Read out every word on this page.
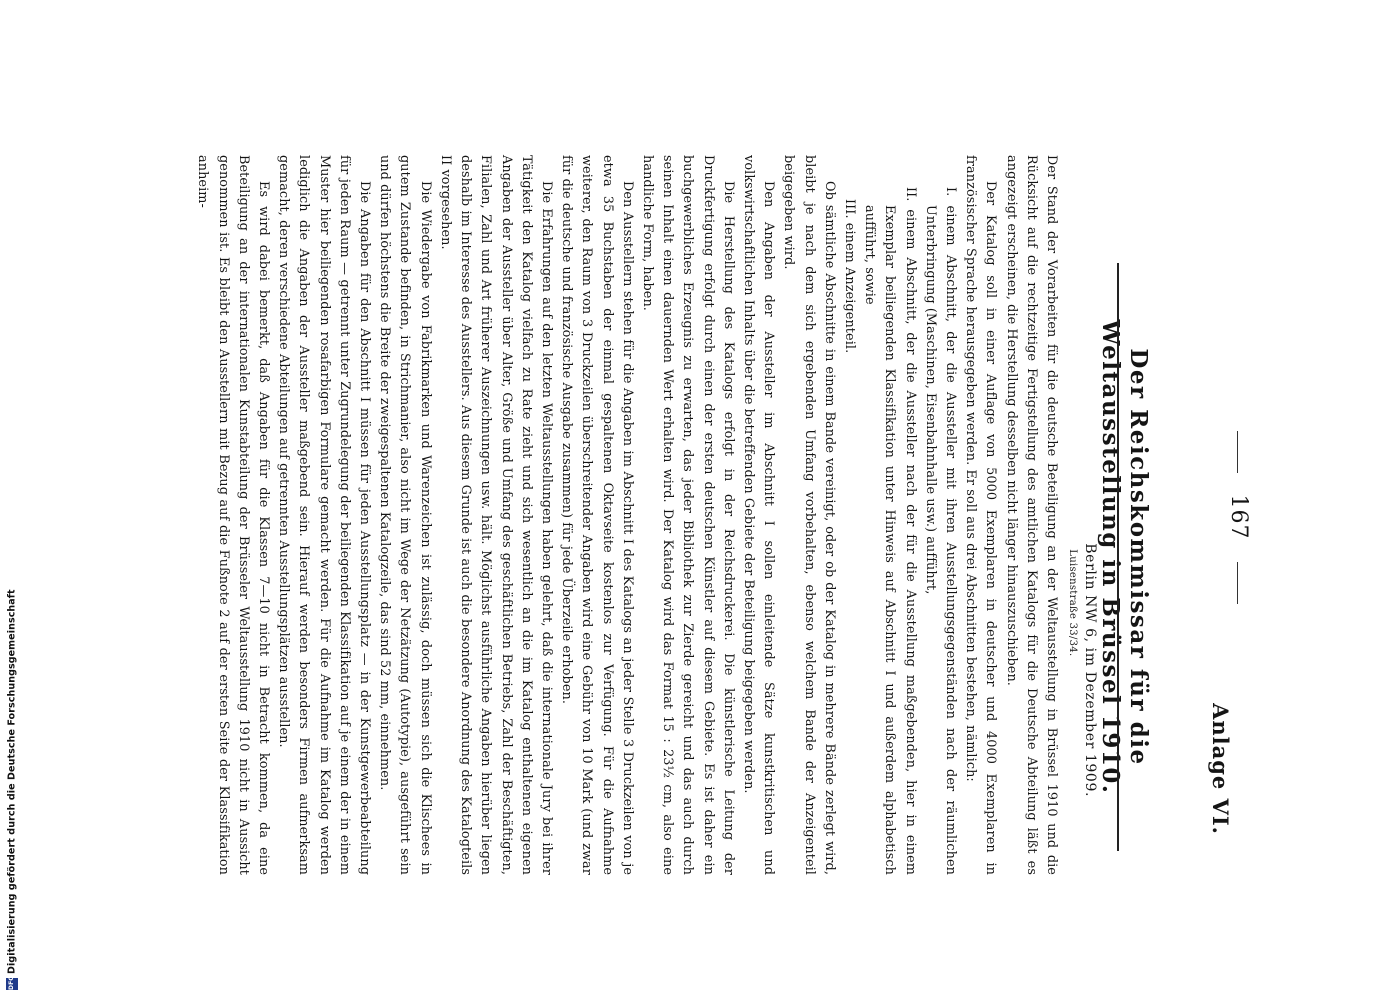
167
Anlage VI.
Der Reichskommissar für die Weltausstellung in Brüssel 1910.
Berlin NW 6, im Dezember 1909.
Luisenstraße 33/34.

Der Stand der Vorarbeiten für die deutsche Beteiligung an der Weltausstellung in Brüssel 1910 und die Rücksicht auf die rechtzeitige Fertigstellung des amtlichen Katalogs für die Deutsche Abteilung läßt es angezeigt erscheinen, die Herstellung desselben nicht länger hinauszuschieben.

Der Katalog soll in einer Auflage von 5000 Exemplaren in deutscher und 4000 Exemplaren in französischer Sprache herausgegeben werden. Er soll aus drei Abschnitten bestehen, nämlich:

I. einem Abschnitt, der die Aussteller mit ihren Ausstellungsgegenständen nach der räumlichen Unterbringung (Maschinen, Eisenbahnhalle usw.) aufführt,

II. einem Abschnitt, der die Aussteller nach der für die Ausstellung maßgebenden, hier in einem Exemplar beiliegenden Klassifikation unter Hinweis auf Abschnitt I und außerdem alphabetisch aufführt, sowie

III. einem Anzeigenteil.

Ob sämtliche Abschnitte in einem Bande vereinigt, oder ob der Katalog in mehrere Bände zerlegt wird, bleibt je nach dem sich ergebenden Umfang vorbehalten, ebenso welchem Bande der Anzeigenteil beigegeben wird.

Den Angaben der Aussteller im Abschnitt I sollen einleitende Sätze kunstkritischen und volkswirtschaftlichen Inhalts über die betreffenden Gebiete der Beteiligung beigegeben werden.

Die Herstellung des Katalogs erfolgt in der Reichsdruckerei. Die künstlerische Leitung der Druckfertigung erfolgt durch einen der ersten deutschen Künstler auf diesem Gebiete. Es ist daher ein buchgewerbliches Erzeugnis zu erwarten, das jeder Bibliothek zur Zierde gereicht und das auch durch seinen Inhalt einen dauernden Wert erhalten wird. Der Katalog wird das Format 15 : 23½ cm, also eine handliche Form, haben.

Den Ausstellern stehen für die Angaben im Abschnitt I des Katalogs an jeder Stelle 3 Druckzeilen von je etwa 35 Buchstaben der einmal gespaltenen Oktavseite kostenlos zur Verfügung. Für die Aufnahme weiterer, den Raum von 3 Druckzeilen überschreitender Angaben wird eine Gebühr von 10 Mark (und zwar für die deutsche und französische Ausgabe zusammen) für jede Überzeile erhoben.

Die Erfahrungen auf den letzten Weltausstellungen haben gelehrt, daß die internationale Jury bei ihrer Tätigkeit den Katalog vielfach zu Rate zieht und sich wesentlich an die im Katalog enthaltenen eigenen Angaben der Aussteller über Alter, Größe und Umfang des geschäftlichen Betriebs, Zahl der Beschäftigten, Filialen, Zahl und Art früherer Auszeichnungen usw. hält. Möglichst ausführliche Angaben hierüber liegen deshalb im Interesse des Ausstellers. Aus diesem Grunde ist auch die besondere Anordnung des Katalogteils II vorgesehen.

Die Wiedergabe von Fabrikmarken und Warenzeichen ist zulässig, doch müssen sich die Klischees in gutem Zustande befinden, in Strichmanier, also nicht im Wege der Netzätzung (Autotypie), ausgeführt sein und dürfen höchstens die Breite der zweigespaltenen Katalogzeile, das sind 52 mm, einnehmen.

Die Angaben für den Abschnitt I müssen für jeden Ausstellungsplatz — in der Kunstgewerbeabteilung für jeden Raum — getrennt unter Zugrundelegung der beiliegenden Klassifikation auf je einem der in einem Muster hier beiliegenden rosafarbigen Formulare gemacht werden. Für die Aufnahme im Katalog werden lediglich die Angaben der Aussteller maßgebend sein. Hierauf werden besonders Firmen aufmerksam gemacht, deren verschiedene Abteilungen auf getrennten Ausstellungsplätzen ausstellen.

Es wird dabei bemerkt, daß Angaben für die Klassen 7—10 nicht in Betracht kommen, da eine Beteiligung an der internationalen Kunstabteilung der Brüsseler Weltausstellung 1910 nicht in Aussicht genommen ist. Es bleibt den Ausstellern mit Bezug auf die Fußnote 2 auf der ersten Seite der Klassifikation anheim-

DFGDigitalisierung gefördert durch die Deutsche Forschungsgemeinschaft
